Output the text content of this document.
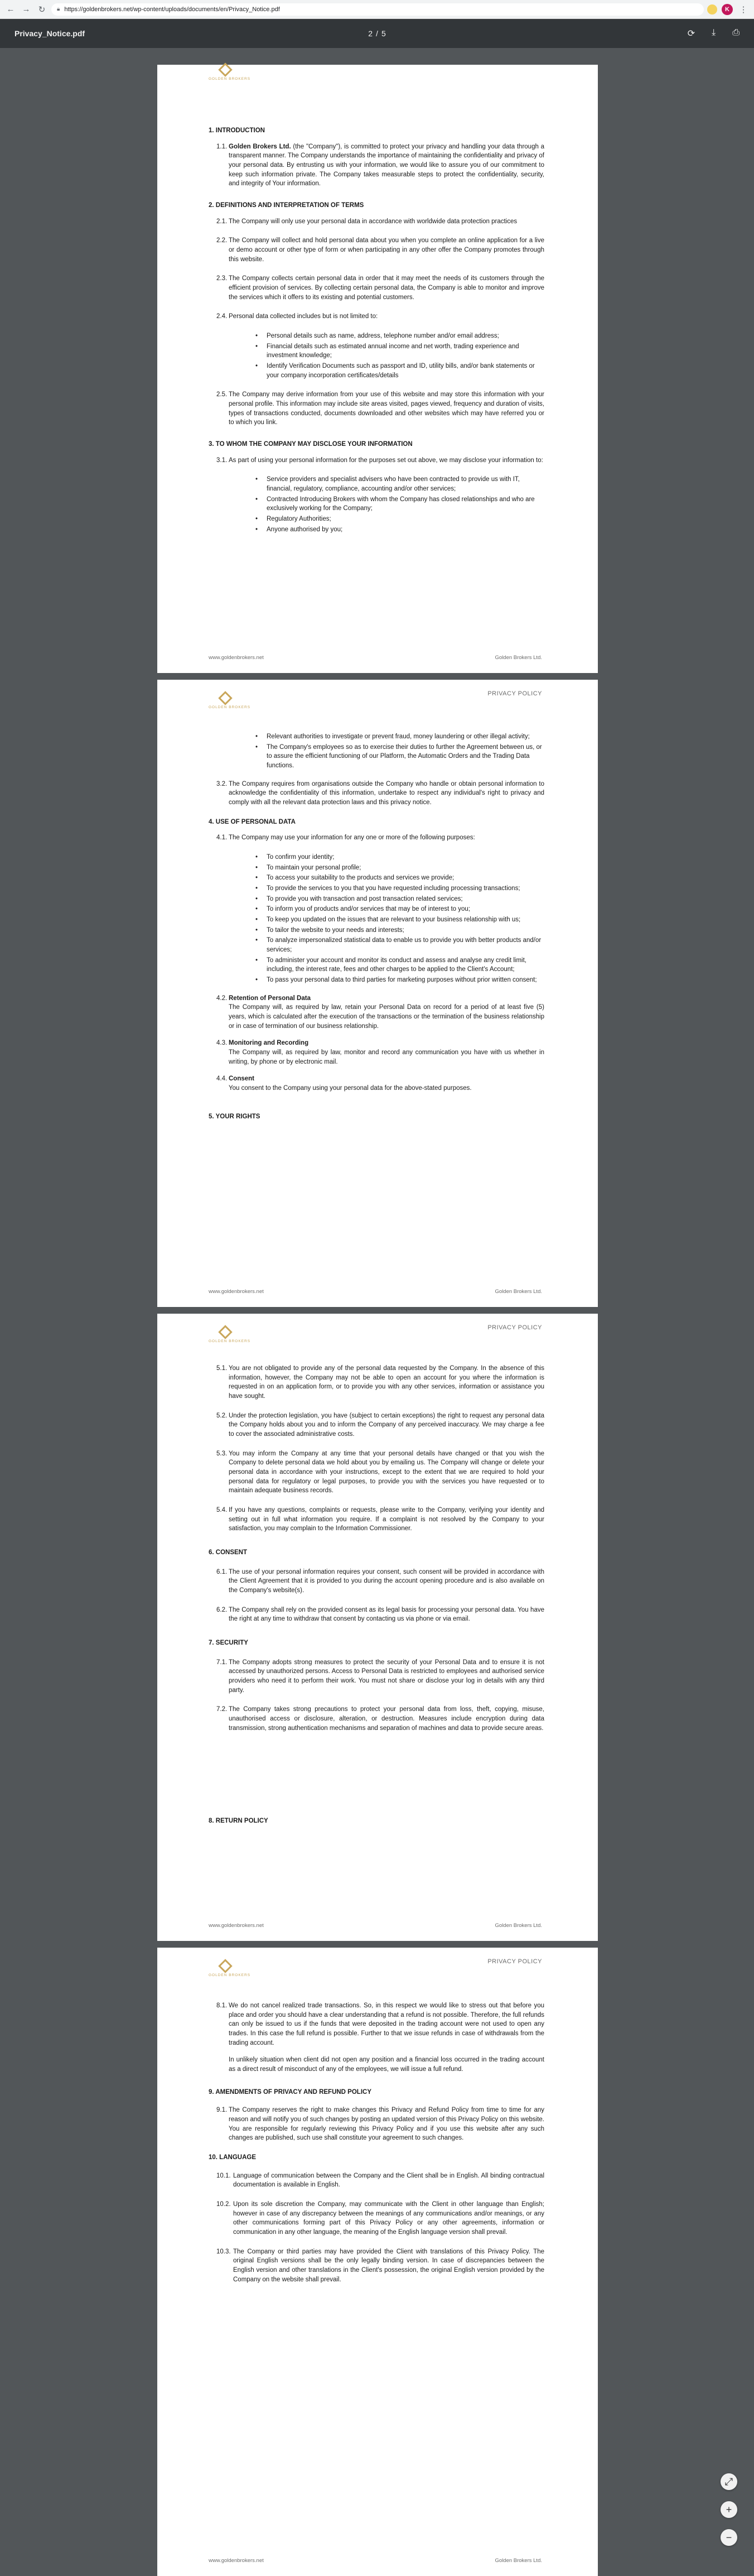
← → ↻	🔒︎ https://goldenbrokers.net/wp-content/uploads/documents/en/Privacy_Notice.pdf	K	⋮
Privacy_Notice.pdf	2 / 5	⟳ ⤓ ⎙
GOLDEN BROKERS
1. INTRODUCTION
1.1. Golden Brokers Ltd. (the "Company"), is committed to protect your privacy and handling your data through a transparent manner. The Company understands the importance of maintaining the confidentiality and privacy of your personal data. By entrusting us with your information, we would like to assure you of our commitment to keep such information private. The Company takes measurable steps to protect the confidentiality, security, and integrity of Your information.
2. DEFINITIONS AND INTERPRETATION OF TERMS
2.1. The Company will only use your personal data in accordance with worldwide data protection practices
2.2. The Company will collect and hold personal data about you when you complete an online application for a live or demo account or other type of form or when participating in any other offer the Company promotes through this website.
2.3. The Company collects certain personal data in order that it may meet the needs of its customers through the efficient provision of services. By collecting certain personal data, the Company is able to monitor and improve the services which it offers to its existing and potential customers.
2.4. Personal data collected includes but is not limited to:
• Personal details such as name, address, telephone number and/or email address;
• Financial details such as estimated annual income and net worth, trading experience and investment knowledge;
• Identify Verification Documents such as passport and ID, utility bills, and/or bank statements or your company incorporation certificates/details
2.5. The Company may derive information from your use of this website and may store this information with your personal profile. This information may include site areas visited, pages viewed, frequency and duration of visits, types of transactions conducted, documents downloaded and other websites which may have referred you or to which you link.
3. TO WHOM THE COMPANY MAY DISCLOSE YOUR INFORMATION
3.1. As part of using your personal information for the purposes set out above, we may disclose your information to:
• Service providers and specialist advisers who have been contracted to provide us with IT, financial, regulatory, compliance, accounting and/or other services;
• Contracted Introducing Brokers with whom the Company has closed relationships and who are exclusively working for the Company;
• Regulatory Authorities;
• Anyone authorised by you;
www.goldenbrokers.net	Golden Brokers Ltd.
GOLDEN BROKERS
PRIVACY POLICY
• Relevant authorities to investigate or prevent fraud, money laundering or other illegal activity;
• The Company's employees so as to exercise their duties to further the Agreement between us, or to assure the efficient functioning of our Platform, the Automatic Orders and the Trading Data functions.
3.2. The Company requires from organisations outside the Company who handle or obtain personal information to acknowledge the confidentiality of this information, undertake to respect any individual's right to privacy and comply with all the relevant data protection laws and this privacy notice.
4. USE OF PERSONAL DATA
4.1. The Company may use your information for any one or more of the following purposes:
• To confirm your identity;
• To maintain your personal profile;
• To access your suitability to the products and services we provide;
• To provide the services to you that you have requested including processing transactions;
• To provide you with transaction and post transaction related services;
• To inform you of products and/or services that may be of interest to you;
• To keep you updated on the issues that are relevant to your business relationship with us;
• To tailor the website to your needs and interests;
• To analyze impersonalized statistical data to enable us to provide you with better products and/or services;
• To administer your account and monitor its conduct and assess and analyse any credit limit, including, the interest rate, fees and other charges to be applied to the Client's Account;
• To pass your personal data to third parties for marketing purposes without prior written consent;
4.2. Retention of Personal Data
The Company will, as required by law, retain your Personal Data on record for a period of at least five (5) years, which is calculated after the execution of the transactions or the termination of the business relationship or in case of termination of our business relationship.
4.3. Monitoring and Recording
The Company will, as required by law, monitor and record any communication you have with us whether in writing, by phone or by electronic mail.
4.4. Consent
You consent to the Company using your personal data for the above-stated purposes.
5. YOUR RIGHTS
www.goldenbrokers.net	Golden Brokers Ltd.
GOLDEN BROKERS
PRIVACY POLICY
5.1. You are not obligated to provide any of the personal data requested by the Company. In the absence of this information, however, the Company may not be able to open an account for you where the information is requested in on an application form, or to provide you with any other services, information or assistance you have sought.
5.2. Under the protection legislation, you have (subject to certain exceptions) the right to request any personal data the Company holds about you and to inform the Company of any perceived inaccuracy. We may charge a fee to cover the associated administrative costs.
5.3. You may inform the Company at any time that your personal details have changed or that you wish the Company to delete personal data we hold about you by emailing us. The Company will change or delete your personal data in accordance with your instructions, except to the extent that we are required to hold your personal data for regulatory or legal purposes, to provide you with the services you have requested or to maintain adequate business records.
5.4. If you have any questions, complaints or requests, please write to the Company, verifying your identity and setting out in full what information you require. If a complaint is not resolved by the Company to your satisfaction, you may complain to the Information Commissioner.
6. CONSENT
6.1. The use of your personal information requires your consent, such consent will be provided in accordance with the Client Agreement that it is provided to you during the account opening procedure and is also available on the Company's website(s).
6.2. The Company shall rely on the provided consent as its legal basis for processing your personal data. You have the right at any time to withdraw that consent by contacting us via phone or via email.
7. SECURITY
7.1. The Company adopts strong measures to protect the security of your Personal Data and to ensure it is not accessed by unauthorized persons. Access to Personal Data is restricted to employees and authorised service providers who need it to perform their work. You must not share or disclose your log in details with any third party.
7.2. The Company takes strong precautions to protect your personal data from loss, theft, copying, misuse, unauthorised access or disclosure, alteration, or destruction. Measures include encryption during data transmission, strong authentication mechanisms and separation of machines and data to provide secure areas.
8. RETURN POLICY
www.goldenbrokers.net	Golden Brokers Ltd.
GOLDEN BROKERS
PRIVACY POLICY
8.1. We do not cancel realized trade transactions. So, in this respect we would like to stress out that before you place and order you should have a clear understanding that a refund is not possible. Therefore, the full refunds can only be issued to us if the funds that were deposited in the trading account were not used to open any trades. In this case the full refund is possible. Further to that we issue refunds in case of withdrawals from the trading account.
In unlikely situation when client did not open any position and a financial loss occurred in the trading account as a direct result of misconduct of any of the employees, we will issue a full refund.
9. AMENDMENTS OF PRIVACY AND REFUND POLICY
9.1. The Company reserves the right to make changes this Privacy and Refund Policy from time to time for any reason and will notify you of such changes by posting an updated version of this Privacy Policy on this website. You are responsible for regularly reviewing this Privacy Policy and if you use this website after any such changes are published, such use shall constitute your agreement to such changes.
10. LANGUAGE
10.1. Language of communication between the Company and the Client shall be in English. All binding contractual documentation is available in English.
10.2. Upon its sole discretion the Company, may communicate with the Client in other language than English; however in case of any discrepancy between the meanings of any communications and/or meanings, or any other communications forming part of this Privacy Policy or any other agreements, information or communication in any other language, the meaning of the English language version shall prevail.
10.3. The Company or third parties may have provided the Client with translations of this Privacy Policy. The original English versions shall be the only legally binding version. In case of discrepancies between the English version and other translations in the Client's possession, the original English version provided by the Company on the website shall prevail.
www.goldenbrokers.net	Golden Brokers Ltd.
⤢
+
−
